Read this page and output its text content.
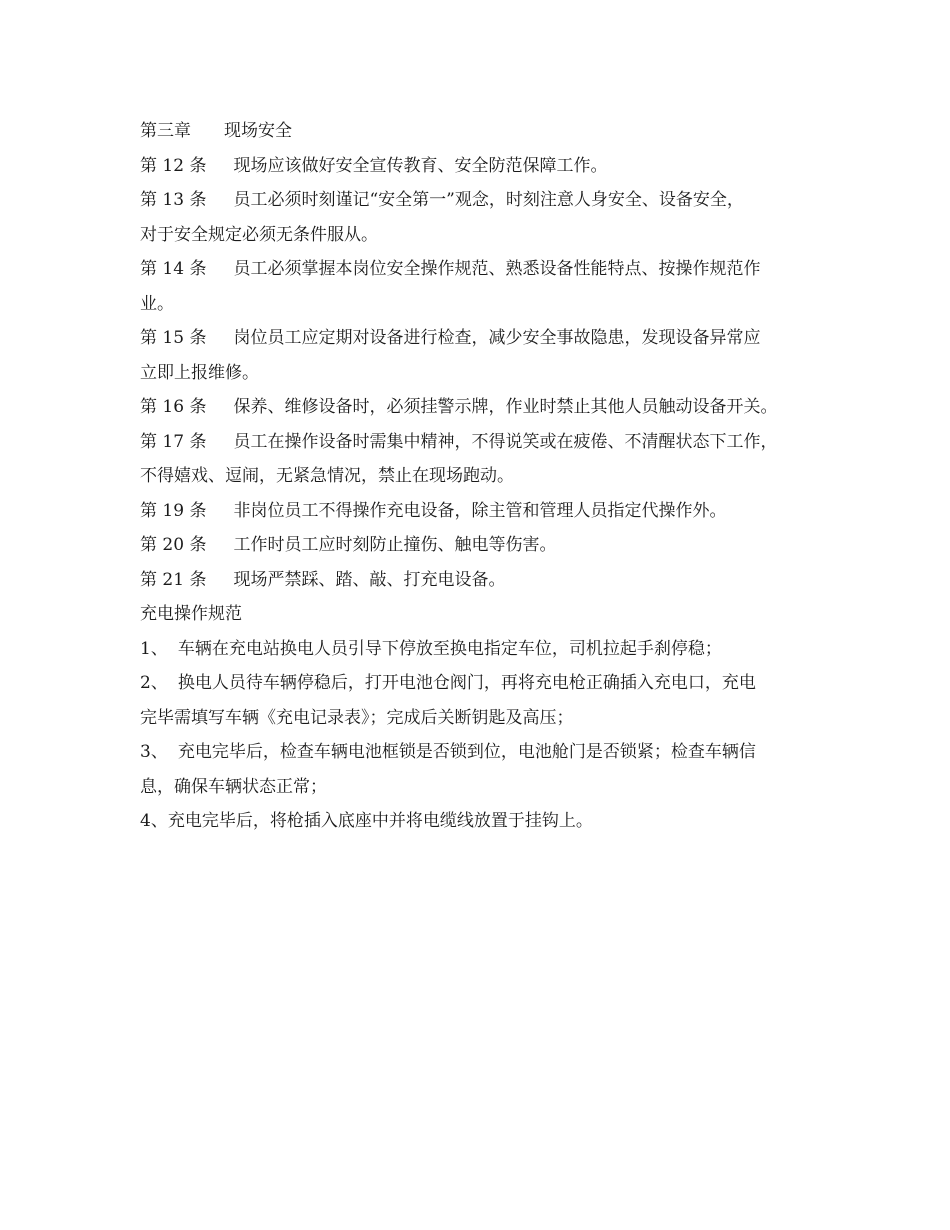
第三章 现场安全
第 12 条 现场应该做好安全宣传教育、安全防范保障工作。
第 13 条 员工必须时刻谨记“安全第一”观念，时刻注意人身安全、设备安全，
对于安全规定必须无条件服从。
第 14 条 员工必须掌握本岗位安全操作规范、熟悉设备性能特点、按操作规范作
业。
第 15 条 岗位员工应定期对设备进行检查，减少安全事故隐患，发现设备异常应
立即上报维修。
第 16 条 保养、维修设备时，必须挂警示牌，作业时禁止其他人员触动设备开关。
第 17 条 员工在操作设备时需集中精神，不得说笑或在疲倦、不清醒状态下工作，
不得嬉戏、逗闹，无紧急情况，禁止在现场跑动。
第 19 条 非岗位员工不得操作充电设备，除主管和管理人员指定代操作外。
第 20 条 工作时员工应时刻防止撞伤、触电等伤害。
第 21 条 现场严禁踩、踏、敲、打充电设备。
充电操作规范
1、 车辆在充电站换电人员引导下停放至换电指定车位，司机拉起手刹停稳；
2、 换电人员待车辆停稳后，打开电池仓阀门，再将充电枪正确插入充电口，充电
完毕需填写车辆《充电记录表》；完成后关断钥匙及高压；
3、 充电完毕后，检查车辆电池框锁是否锁到位，电池舱门是否锁紧；检查车辆信
息，确保车辆状态正常；
4、充电完毕后，将枪插入底座中并将电缆线放置于挂钩上。
